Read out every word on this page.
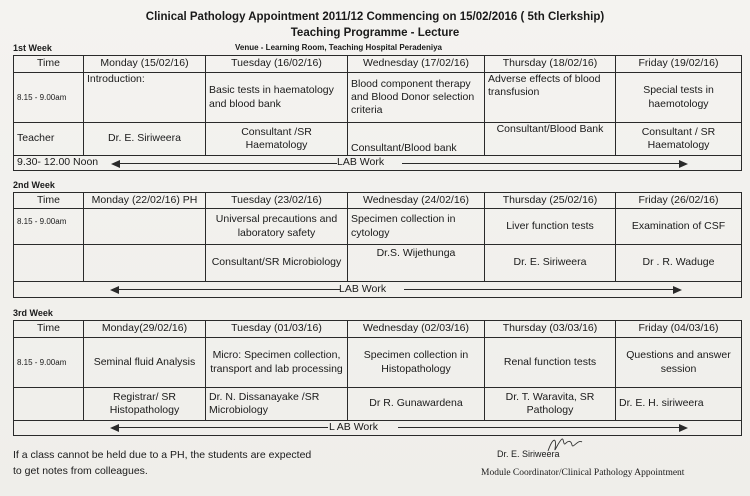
Clinical Pathology Appointment 2011/12 Commencing on 15/02/2016 ( 5th Clerkship)
Teaching Programme - Lecture
Venue - Learning Room, Teaching Hospital Peradeniya
1st Week
Time	Monday (15/02/16)	Tuesday (16/02/16)	Wednesday (17/02/16)	Thursday (18/02/16)	Friday (19/02/16)
8.15 - 9.00am	Introduction:	Basic tests in haematology and blood bank	Blood component therapy and Blood Donor selection criteria	Adverse effects of blood transfusion	Special tests in haemotology
Teacher	Dr. E. Siriweera	Consultant /SR Haematology	Consultant/Blood bank	Consultant/Blood Bank	Consultant / SR Haematology

9.30- 12.00 Noon LAB Work					
2nd Week
Time	Monday (22/02/16) PH	Tuesday (23/02/16)	Wednesday (24/02/16)	Thursday (25/02/16)	Friday (26/02/16)
8.15 - 9.00am		Universal precautions and laboratory safety	Specimen collection in cytology	Liver function tests	Examination of CSF
		Consultant/SR Microbiology	Dr.S. Wijethunga	Dr. E. Siriweera	Dr . R. Waduge

LAB Work					
3rd Week
Time	Monday(29/02/16)	Tuesday (01/03/16)	Wednesday (02/03/16)	Thursday (03/03/16)	Friday (04/03/16)
8.15 - 9.00am	Seminal fluid Analysis	Micro: Specimen collection, transport and lab processing	Specimen collection in Histopathology	Renal function tests	Questions and answer session
	Registrar/ SR Histopathology	Dr. N. Dissanayake /SR Microbiology	Dr R. Gunawardena	Dr. T. Waravita, SR Pathology	Dr. E. H. siriweera

L AB Work					
If a class cannot be held due to a PH, the students are expected
to get notes from colleagues.
Dr. E. Siriweera
Module Coordinator/Clinical Pathology Appointment
